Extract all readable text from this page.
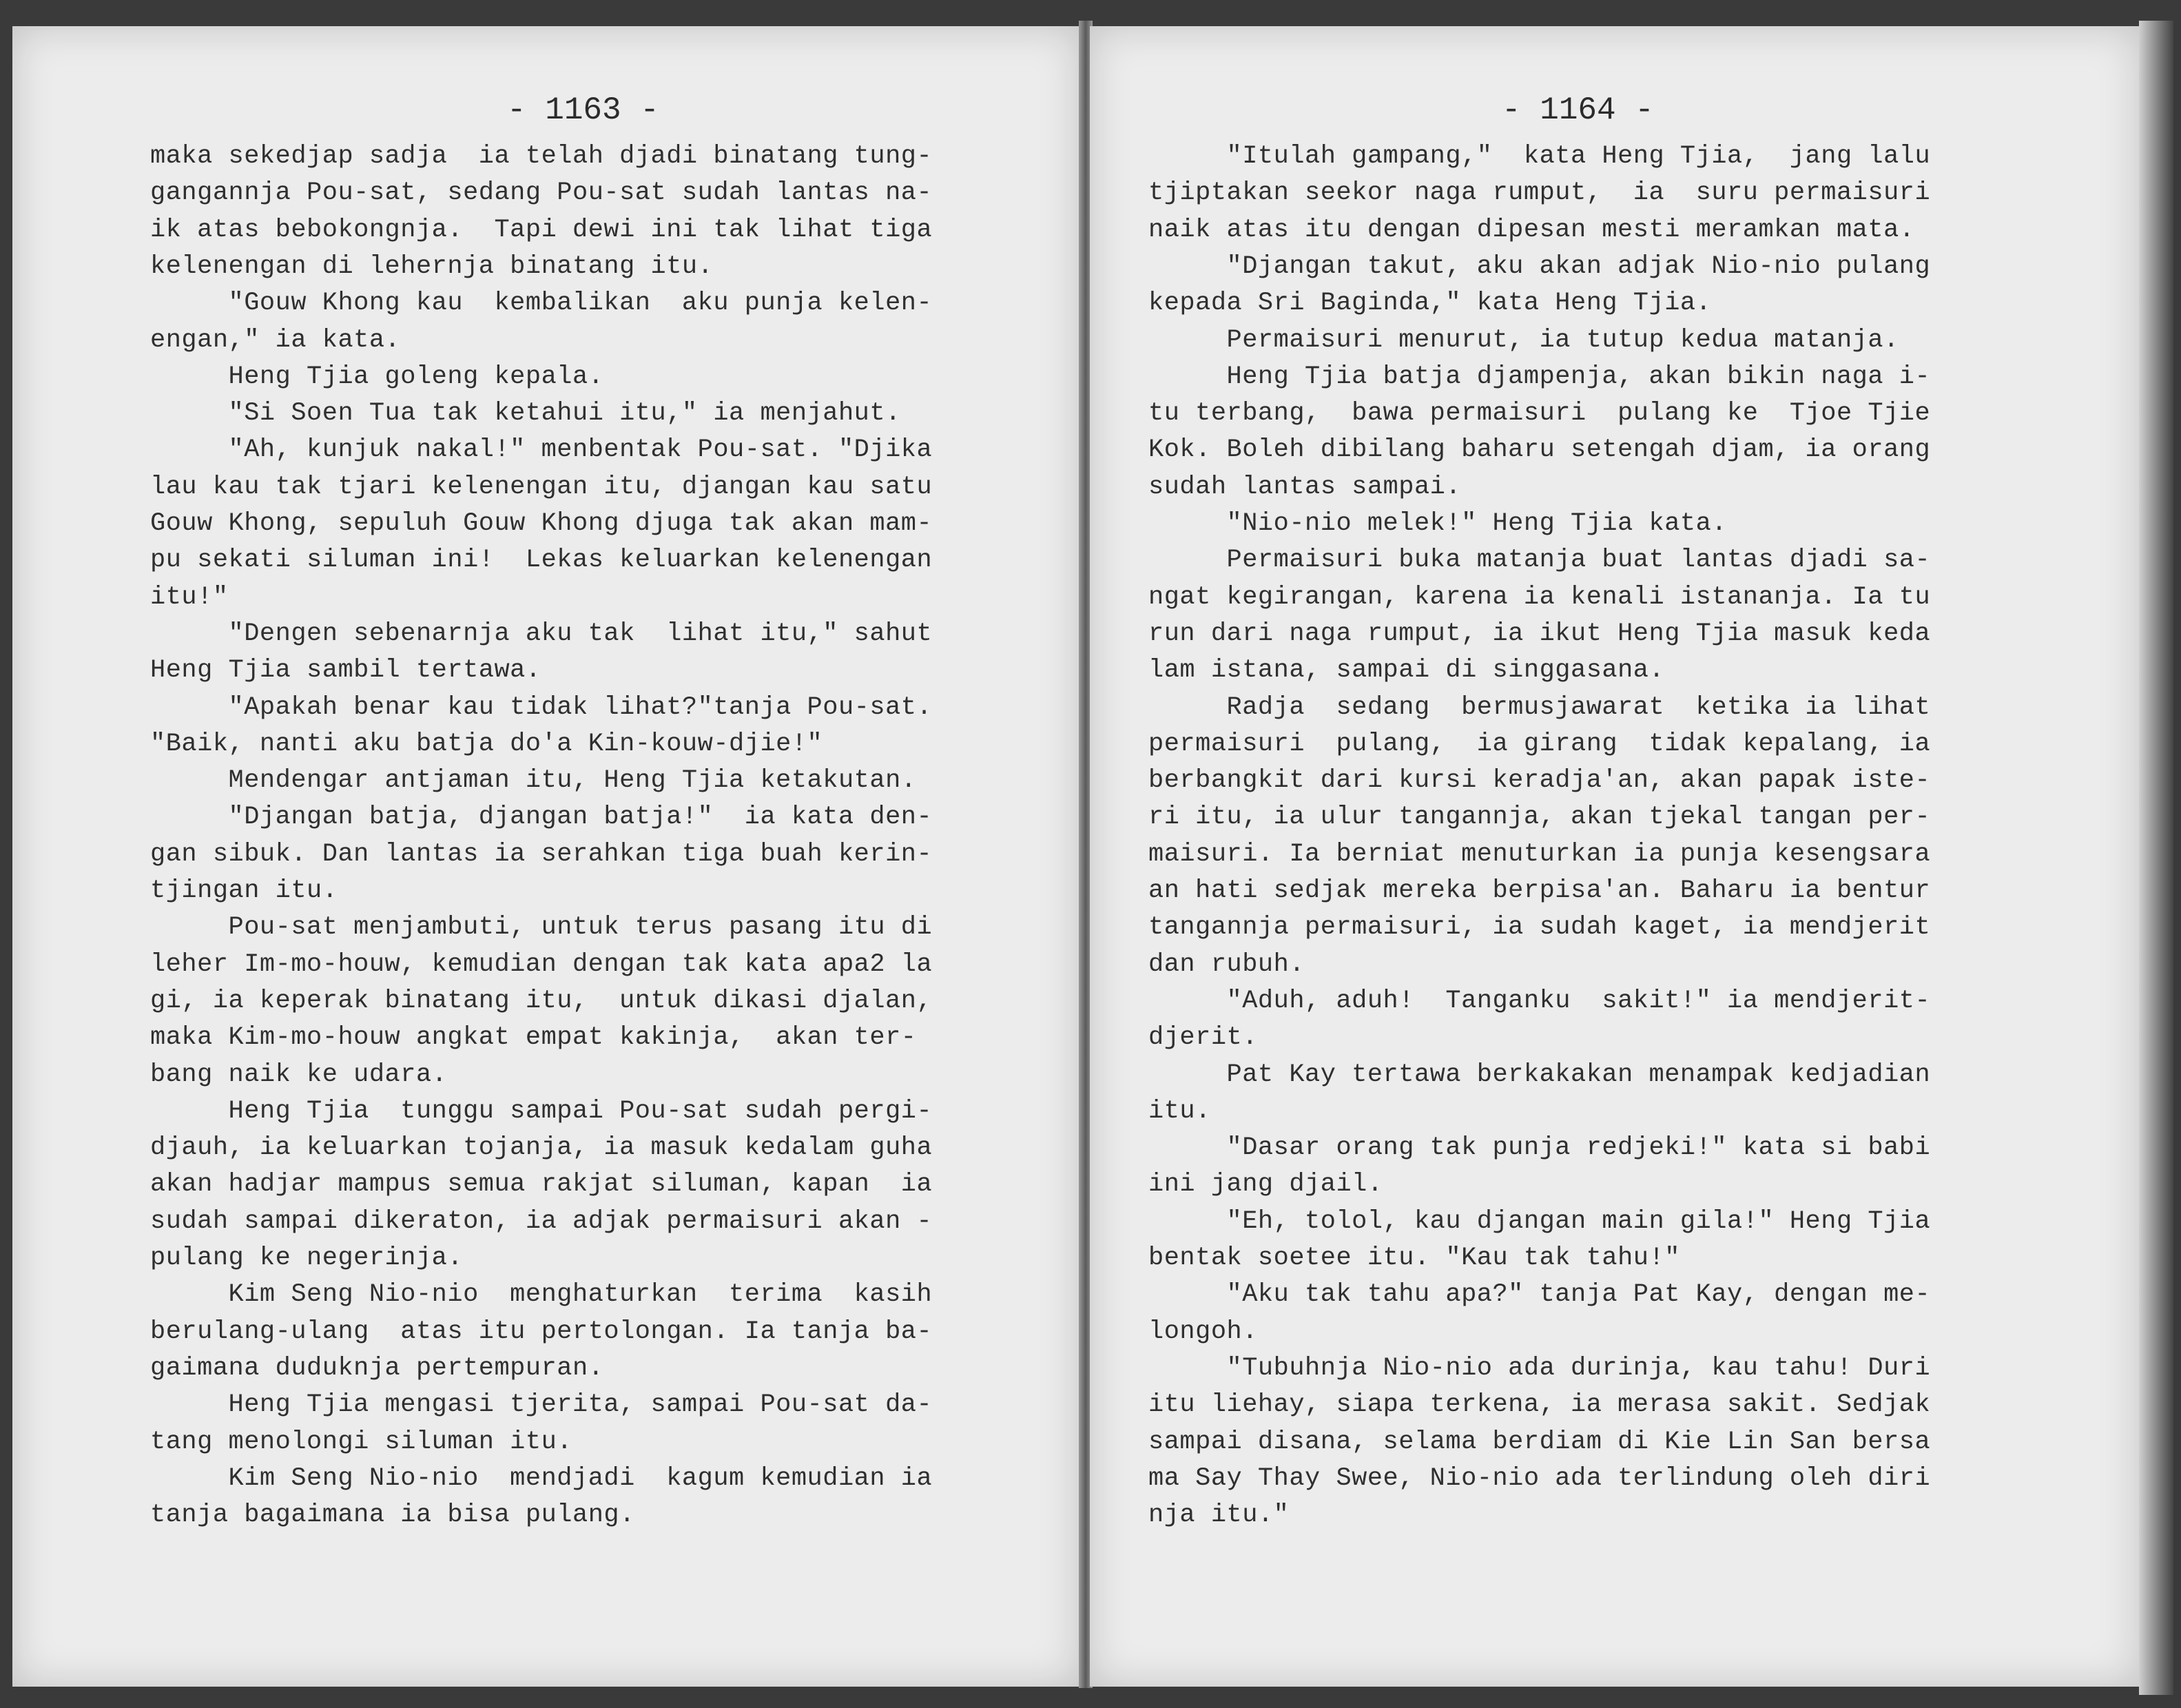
- 1163 -
maka sekedjap sadja  ia telah djadi binatang tung-
gangannja Pou-sat, sedang Pou-sat sudah lantas na-
ik atas bebokongnja.  Tapi dewi ini tak lihat tiga
kelenengan di lehernja binatang itu.
"Gouw Khong kau  kembalikan  aku punja kelen-
engan," ia kata.
Heng Tjia goleng kepala.
"Si Soen Tua tak ketahui itu," ia menjahut.
"Ah, kunjuk nakal!" menbentak Pou-sat. "Djika
lau kau tak tjari kelenengan itu, djangan kau satu
Gouw Khong, sepuluh Gouw Khong djuga tak akan mam-
pu sekati siluman ini!  Lekas keluarkan kelenengan
itu!"
"Dengen sebenarnja aku tak  lihat itu," sahut
Heng Tjia sambil tertawa.
"Apakah benar kau tidak lihat?"tanja Pou-sat.
"Baik, nanti aku batja do'a Kin-kouw-djie!"
Mendengar antjaman itu, Heng Tjia ketakutan.
"Djangan batja, djangan batja!"  ia kata den-
gan sibuk. Dan lantas ia serahkan tiga buah kerin-
tjingan itu.
Pou-sat menjambuti, untuk terus pasang itu di
leher Im-mo-houw, kemudian dengan tak kata apa2 la
gi, ia keperak binatang itu,  untuk dikasi djalan,
maka Kim-mo-houw angkat empat kakinja,  akan ter-
bang naik ke udara.
Heng Tjia  tunggu sampai Pou-sat sudah pergi-
djauh, ia keluarkan tojanja, ia masuk kedalam guha
akan hadjar mampus semua rakjat siluman, kapan  ia
sudah sampai dikeraton, ia adjak permaisuri akan -
pulang ke negerinja.
Kim Seng Nio-nio  menghaturkan  terima  kasih
berulang-ulang  atas itu pertolongan. Ia tanja ba-
gaimana duduknja pertempuran.
Heng Tjia mengasi tjerita, sampai Pou-sat da-
tang menolongi siluman itu.
Kim Seng Nio-nio  mendjadi  kagum kemudian ia
tanja bagaimana ia bisa pulang.
- 1164 -
"Itulah gampang,"  kata Heng Tjia,  jang lalu
tjiptakan seekor naga rumput,  ia  suru permaisuri
naik atas itu dengan dipesan mesti meramkan mata.
"Djangan takut, aku akan adjak Nio-nio pulang
kepada Sri Baginda," kata Heng Tjia.
Permaisuri menurut, ia tutup kedua matanja.
Heng Tjia batja djampenja, akan bikin naga i-
tu terbang,  bawa permaisuri  pulang ke  Tjoe Tjie
Kok. Boleh dibilang baharu setengah djam, ia orang
sudah lantas sampai.
"Nio-nio melek!" Heng Tjia kata.
Permaisuri buka matanja buat lantas djadi sa-
ngat kegirangan, karena ia kenali istananja. Ia tu
run dari naga rumput, ia ikut Heng Tjia masuk keda
lam istana, sampai di singgasana.
Radja  sedang  bermusjawarat  ketika ia lihat
permaisuri  pulang,  ia girang  tidak kepalang, ia
berbangkit dari kursi keradja'an, akan papak iste-
ri itu, ia ulur tangannja, akan tjekal tangan per-
maisuri. Ia berniat menuturkan ia punja kesengsara
an hati sedjak mereka berpisa'an. Baharu ia bentur
tangannja permaisuri, ia sudah kaget, ia mendjerit
dan rubuh.
"Aduh, aduh!  Tanganku  sakit!" ia mendjerit-
djerit.
Pat Kay tertawa berkakakan menampak kedjadian
itu.
"Dasar orang tak punja redjeki!" kata si babi
ini jang djail.
"Eh, tolol, kau djangan main gila!" Heng Tjia
bentak soetee itu. "Kau tak tahu!"
"Aku tak tahu apa?" tanja Pat Kay, dengan me-
longoh.
"Tubuhnja Nio-nio ada durinja, kau tahu! Duri
itu liehay, siapa terkena, ia merasa sakit. Sedjak
sampai disana, selama berdiam di Kie Lin San bersa
ma Say Thay Swee, Nio-nio ada terlindung oleh diri
nja itu."
